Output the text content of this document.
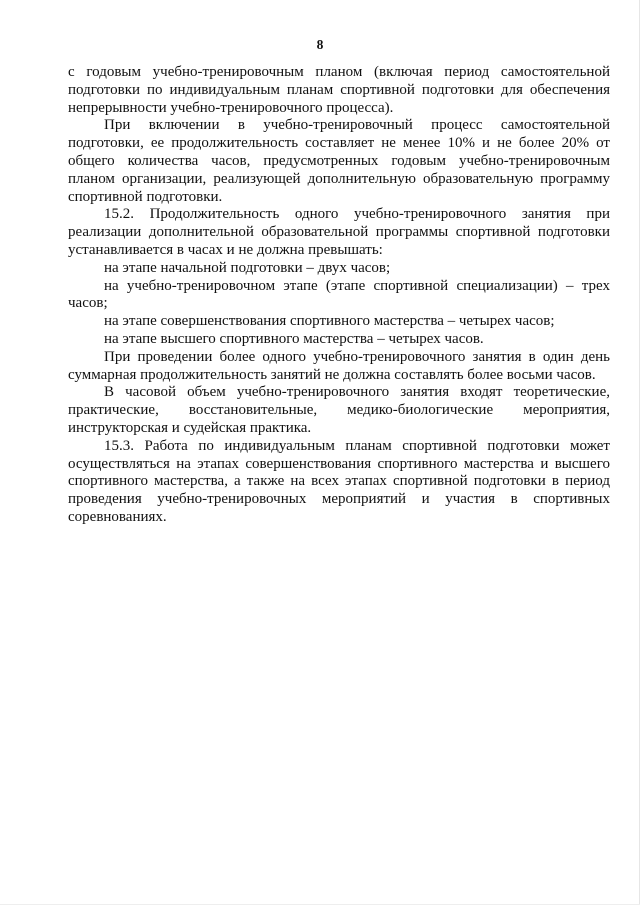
8

с годовым учебно-тренировочным планом (включая период самостоятельной подготовки по индивидуальным планам спортивной подготовки для обеспечения непрерывности учебно-тренировочного процесса).

При включении в учебно-тренировочный процесс самостоятельной подготовки, ее продолжительность составляет не менее 10% и не более 20% от общего количества часов, предусмотренных годовым учебно-тренировочным планом организации, реализующей дополнительную образовательную программу спортивной подготовки.

15.2. Продолжительность одного учебно-тренировочного занятия при реализации дополнительной образовательной программы спортивной подготовки устанавливается в часах и не должна превышать:

на этапе начальной подготовки – двух часов;

на учебно-тренировочном этапе (этапе спортивной специализации) – трех часов;

на этапе совершенствования спортивного мастерства – четырех часов;

на этапе высшего спортивного мастерства – четырех часов.

При проведении более одного учебно-тренировочного занятия в один день суммарная продолжительность занятий не должна составлять более восьми часов.

В часовой объем учебно-тренировочного занятия входят теоретические, практические, восстановительные, медико-биологические мероприятия, инструкторская и судейская практика.

15.3. Работа по индивидуальным планам спортивной подготовки может осуществляться на этапах совершенствования спортивного мастерства и высшего спортивного мастерства, а также на всех этапах спортивной подготовки в период проведения учебно-тренировочных мероприятий и участия в спортивных соревнованиях.
